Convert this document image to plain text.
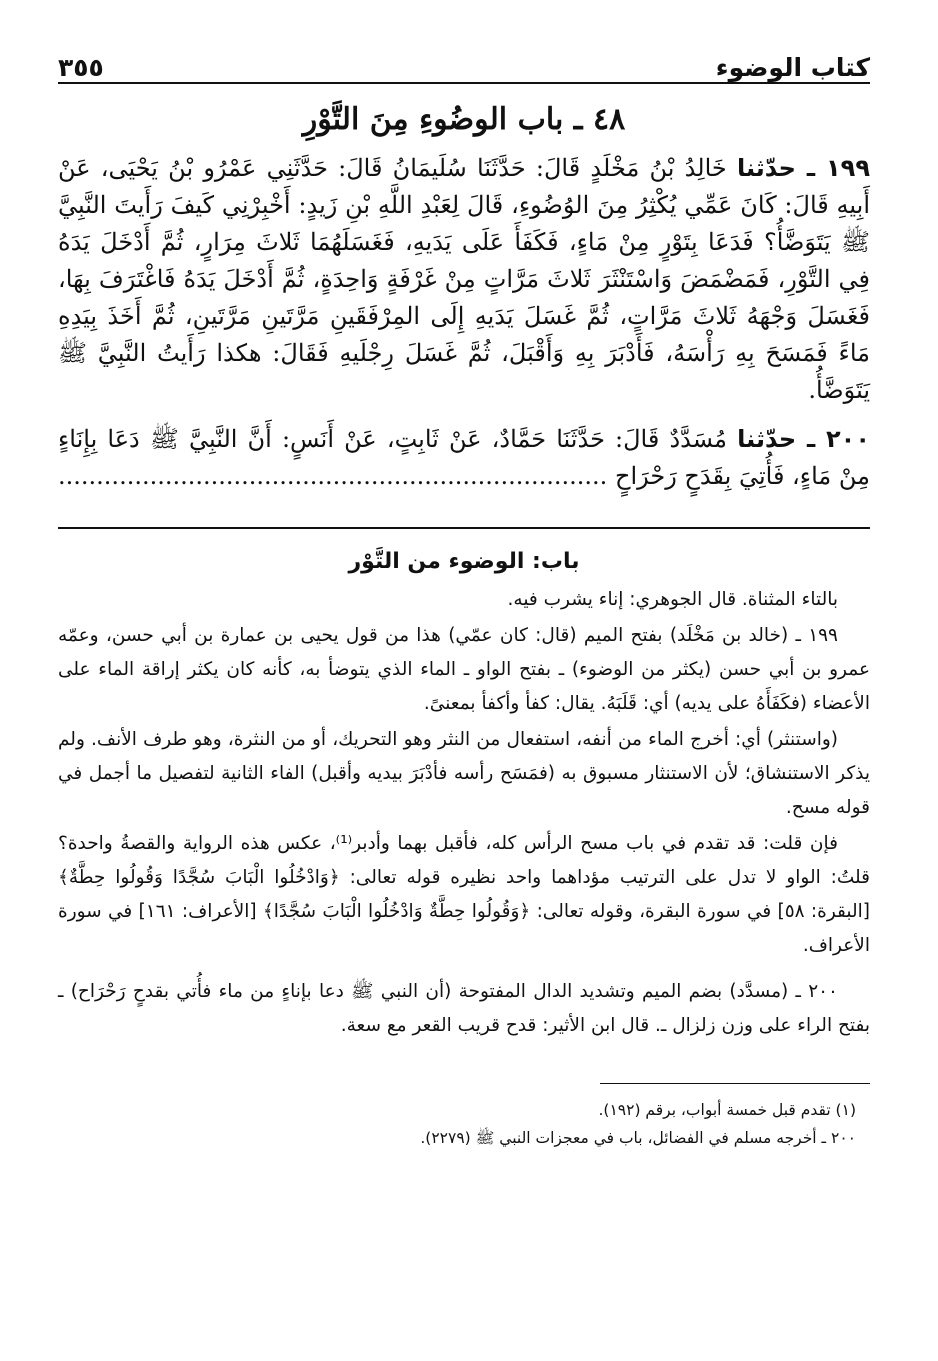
كتاب الوضوء
٣٥٥
٤٨ ـ باب الوضُوءِ مِنَ التَّوْرِ
١٩٩ ـ حدّثنا خَالِدُ بْنُ مَخْلَدٍ قَالَ: حَدَّثَنَا سُلَيمَانُ قَالَ: حَدَّثَنِي عَمْرُو بْنُ يَحْيَى، عَنْ أَبِيهِ قَالَ: كَانَ عَمِّي يُكْثِرُ مِنَ الوُضُوءِ، قَالَ لِعَبْدِ اللَّهِ بْنِ زَيدٍ: أَخْبِرْنِي كَيفَ رَأَيتَ النَّبِيَّ ﷺ يَتَوَضَّأُ؟ فَدَعَا بِتَوْرٍ مِنْ مَاءٍ، فَكَفَأَ عَلَى يَدَيهِ، فَغَسَلَهُمَا ثَلاثَ مِرَارٍ، ثُمَّ أَدْخَلَ يَدَهُ فِي التَّوْرِ، فَمَضْمَضَ وَاسْتَنْثَرَ ثَلاثَ مَرَّاتٍ مِنْ غَرْفَةٍ وَاحِدَةٍ، ثُمَّ أَدْخَلَ يَدَهُ فَاغْتَرَفَ بِهَا، فَغَسَلَ وَجْهَهُ ثَلاثَ مَرَّاتٍ، ثُمَّ غَسَلَ يَدَيهِ إِلَى المِرْفَقَينِ مَرَّتَينِ مَرَّتَينِ، ثُمَّ أَخَذَ بِيَدِهِ مَاءً فَمَسَحَ بِهِ رَأْسَهُ، فَأَدْبَرَ بِهِ وَأَقْبَلَ، ثُمَّ غَسَلَ رِجْلَيهِ فَقَالَ: هكذا رَأَيتُ النَّبِيَّ ﷺ يَتَوَضَّأُ.
٢٠٠ ـ حدّثنا مُسَدَّدٌ قَالَ: حَدَّثَنَا حَمَّادٌ، عَنْ ثَابِتٍ، عَنْ أَنَسٍ: أَنَّ النَّبِيَّ ﷺ دَعَا بِإِنَاءٍ مِنْ مَاءٍ، فَأُتِيَ بِقَدَحٍ رَحْرَاحٍ ........................................................................
باب: الوضوء من التَّوْر

بالتاء المثناة. قال الجوهري: إناء يشرب فيه.

١٩٩ ـ (خالد بن مَخْلَد) بفتح الميم (قال: كان عمّي) هذا من قول يحيى بن عمارة بن أبي حسن، وعمّه عمرو بن أبي حسن (يكثر من الوضوء) ـ بفتح الواو ـ الماء الذي يتوضأ به، كأنه كان يكثر إراقة الماء على الأعضاء (فكَفَأَهُ على يديه) أي: قَلَبَهُ. يقال: كفأ وأكفأ بمعنىً.

(واستنثر) أي: أخرج الماء من أنفه، استفعال من النثر وهو التحريك، أو من النثرة، وهو طرف الأنف. ولم يذكر الاستنشاق؛ لأن الاستنثار مسبوق به (فمَسَح رأسه فأدْبَرَ بيديه وأقبل) الفاء الثانية لتفصيل ما أجمل في قوله مسح.

فإن قلت: قد تقدم في باب مسح الرأس كله، فأقبل بهما وأدبر⁽¹⁾، عكس هذه الرواية والقصةُ واحدة؟ قلتُ: الواو لا تدل على الترتيب مؤداهما واحد نظيره قوله تعالى: ﴿وَادْخُلُوا الْبَابَ سُجَّدًا وَقُولُوا حِطَّةٌ﴾ [البقرة: ٥٨] في سورة البقرة، وقوله تعالى: ﴿وَقُولُوا حِطَّةٌ وَادْخُلُوا الْبَابَ سُجَّدًا﴾ [الأعراف: ١٦١] في سورة الأعراف.

٢٠٠ ـ (مسدَّد) بضم الميم وتشديد الدال المفتوحة (أن النبي ﷺ دعا بإناءٍ من ماء فأُتي بقدحٍ رَحْرَاح) ـ بفتح الراء على وزن زلزال ـ. قال ابن الأثير: قدح قريب القعر مع سعة.

(١) تقدم قبل خمسة أبواب، برقم (١٩٢).
٢٠٠ ـ أخرجه مسلم في الفضائل، باب في معجزات النبي ﷺ (٢٢٧٩).
